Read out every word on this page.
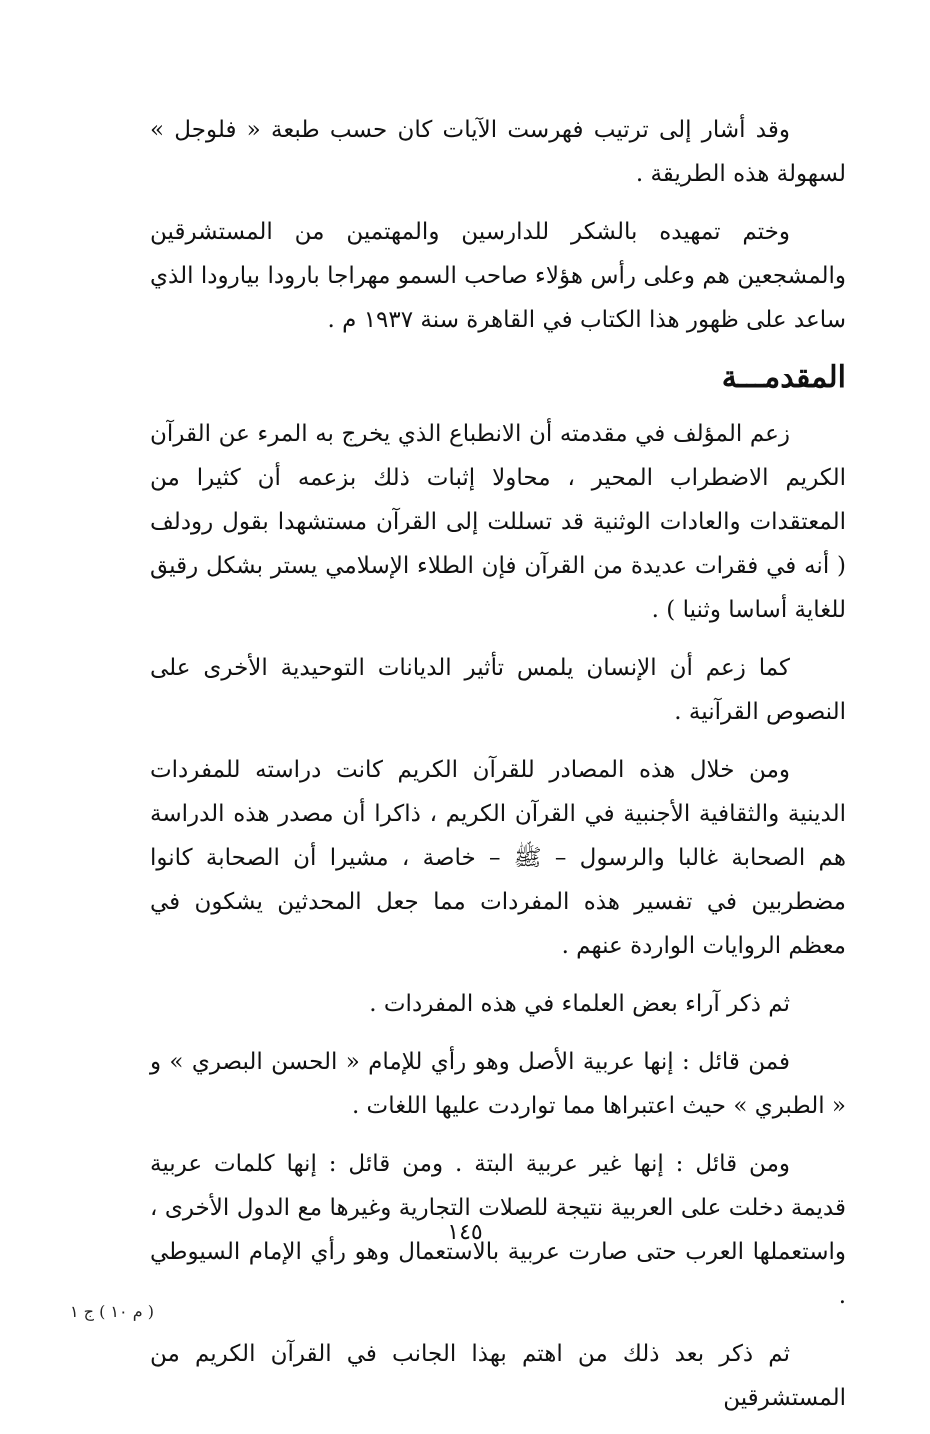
وقد أشار إلى ترتيب فهرست الآيات كان حسب طبعة « فلوجل » لسهولة هذه الطريقة .

وختم تمهيده بالشكر للدارسين والمهتمين من المستشرقين والمشجعين هم وعلى رأس هؤلاء صاحب السمو مهراجا بارودا بيارودا الذي ساعد على ظهور هذا الكتاب في القاهرة سنة ١٩٣٧ م .

المقدمـــة

زعم المؤلف في مقدمته أن الانطباع الذي يخرج به المرء عن القرآن الكريم الاضطراب المحير ، محاولا إثبات ذلك بزعمه أن كثيرا من المعتقدات والعادات الوثنية قد تسللت إلى القرآن مستشهدا بقول رودلف ( أنه في فقرات عديدة من القرآن فإن الطلاء الإسلامي يستر بشكل رقيق للغاية أساسا وثنيا ) .

كما زعم أن الإنسان يلمس تأثير الديانات التوحيدية الأخرى على النصوص القرآنية .

ومن خلال هذه المصادر للقرآن الكريم كانت دراسته للمفردات الدينية والثقافية الأجنبية في القرآن الكريم ، ذاكرا أن مصدر هذه الدراسة هم الصحابة غالبا والرسول – ﷺ – خاصة ، مشيرا أن الصحابة كانوا مضطربين في تفسير هذه المفردات مما جعل المحدثين يشكون في معظم الروايات الواردة عنهم .

ثم ذكر آراء بعض العلماء في هذه المفردات .

فمن قائل : إنها عربية الأصل وهو رأي للإمام « الحسن البصري » و « الطبري » حيث اعتبراها مما تواردت عليها اللغات .

ومن قائل : إنها غير عربية البتة . ومن قائل : إنها كلمات عربية قديمة دخلت على العربية نتيجة للصلات التجارية وغيرها مع الدول الأخرى ، واستعملها العرب حتى صارت عربية بالاستعمال وهو رأي الإمام السيوطي .

ثم ذكر بعد ذلك من اهتم بهذا الجانب في القرآن الكريم من المستشرقين

١٤٥
( م ١٠ ) ج ١
